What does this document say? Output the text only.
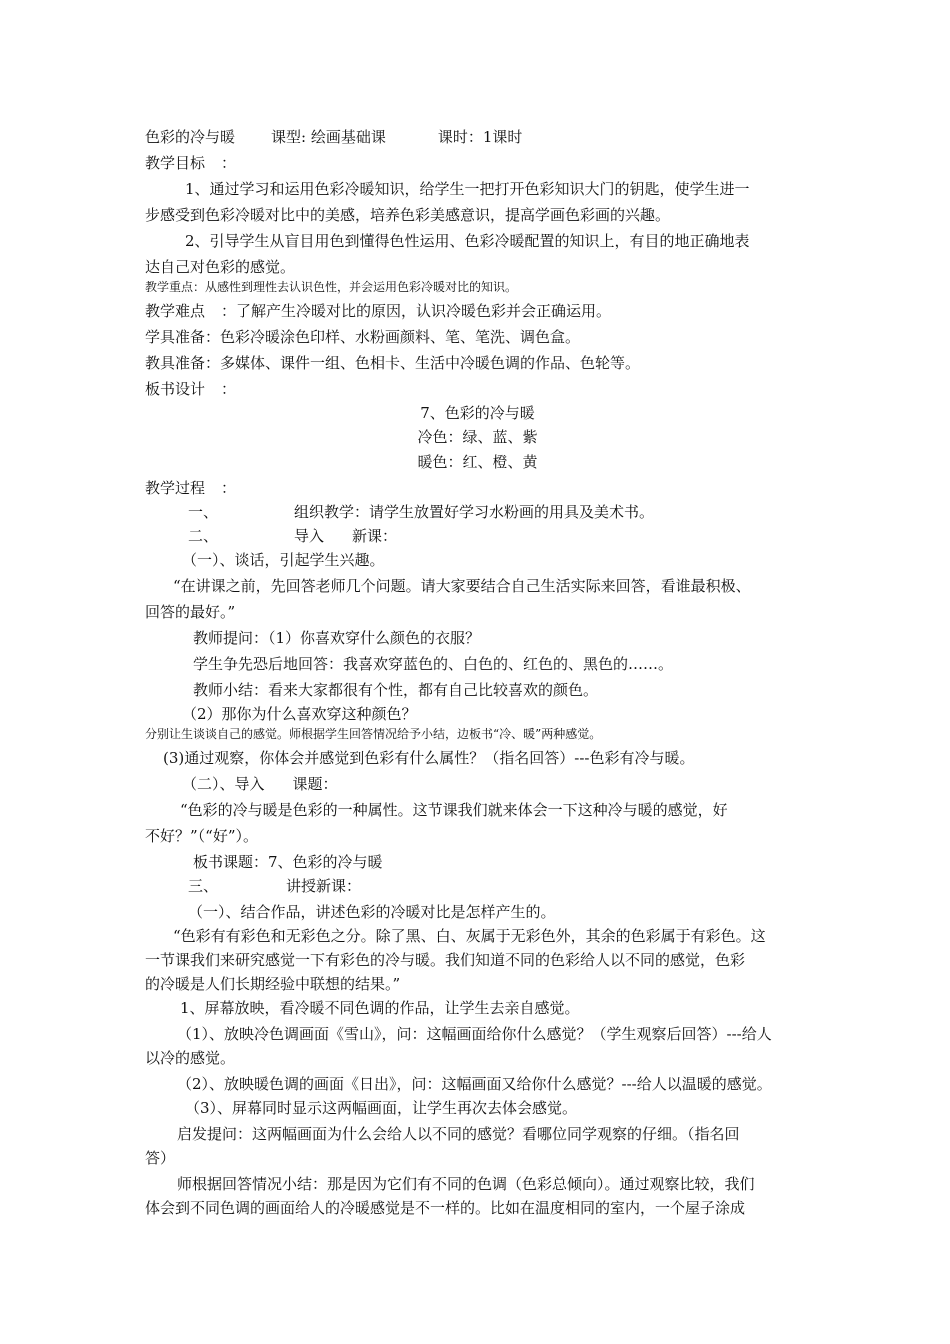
色彩的冷与暖 课型: 绘画基础课	课时：1课时
教学目标 ：
1、通过学习和运用色彩冷暖知识，给学生一把打开色彩知识大门的钥匙，使学生进一
步感受到色彩冷暖对比中的美感，培养色彩美感意识，提高学画色彩画的兴趣。
2、引导学生从盲目用色到懂得色性运用、色彩冷暖配置的知识上，有目的地正确地表
达自己对色彩的感觉。
教学重点：从感性到理性去认识色性，并会运用色彩冷暖对比的知识。
教学难点 ：了解产生冷暖对比的原因，认识冷暖色彩并会正确运用。
学具准备：色彩冷暖涂色印样、水粉画颜料、笔、笔洗、调色盒。
教具准备：多媒体、课件一组、色相卡、生活中冷暖色调的作品、色轮等。
板书设计 ：
7、色彩的冷与暖
冷色：绿、蓝、紫
暖色：红、橙、黄
教学过程 ：
一、	组织教学：请学生放置好学习水粉画的用具及美术书。
二、	导入 新课：
（一）、谈话，引起学生兴趣。
“在讲课之前，先回答老师几个问题。请大家要结合自己生活实际来回答，看谁最积极、
回答的最好。”
教师提问：（1）你喜欢穿什么颜色的衣服？
学生争先恐后地回答：我喜欢穿蓝色的、白色的、红色的、黑色的……。
教师小结：看来大家都很有个性，都有自己比较喜欢的颜色。
（2）那你为什么喜欢穿这种颜色？
分别让生谈谈自己的感觉。师根据学生回答情况给予小结，边板书“冷、暖”两种感觉。
(3)通过观察，你体会并感觉到色彩有什么属性？（指名回答）---色彩有冷与暖。
（二）、导入 课题：
“色彩的冷与暖是色彩的一种属性。这节课我们就来体会一下这种冷与暖的感觉，好
不好？”（“好”）。
板书课题：7、色彩的冷与暖
三、	讲授新课：
（一）、结合作品，讲述色彩的冷暖对比是怎样产生的。
“色彩有有彩色和无彩色之分。除了黑、白、灰属于无彩色外，其余的色彩属于有彩色。这
一节课我们来研究感觉一下有彩色的冷与暖。我们知道不同的色彩给人以不同的感觉，色彩
的冷暖是人们长期经验中联想的结果。”
1、屏幕放映，看冷暖不同色调的作品，让学生去亲自感觉。
（1）、放映冷色调画面《雪山》，问：这幅画面给你什么感觉？（学生观察后回答）---给人
以冷的感觉。
（2）、放映暖色调的画面《日出》，问：这幅画面又给你什么感觉？---给人以温暖的感觉。
（3）、屏幕同时显示这两幅画面，让学生再次去体会感觉。
启发提问：这两幅画面为什么会给人以不同的感觉？看哪位同学观察的仔细。（指名回
答）
师根据回答情况小结：那是因为它们有不同的色调（色彩总倾向）。通过观察比较，我们
体会到不同色调的画面给人的冷暖感觉是不一样的。比如在温度相同的室内，一个屋子涂成
